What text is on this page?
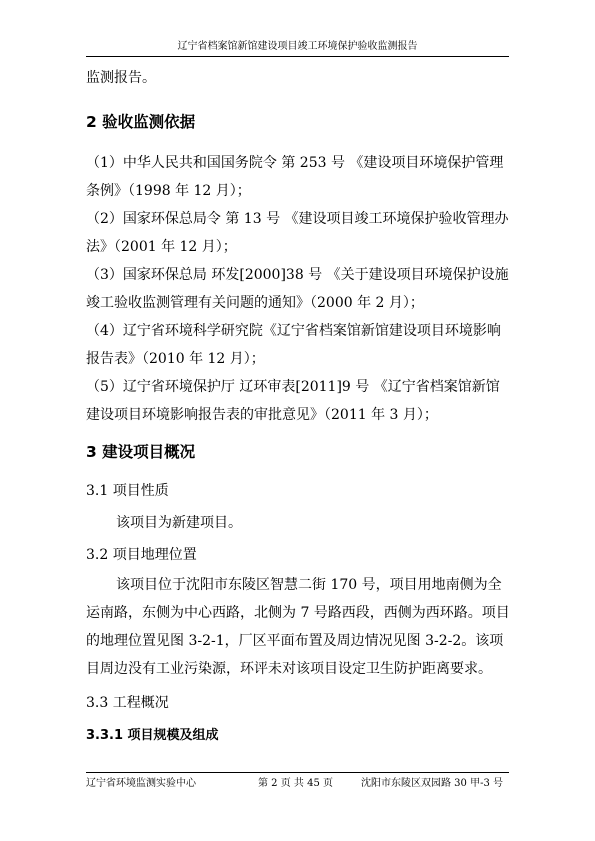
辽宁省档案馆新馆建设项目竣工环境保护验收监测报告

监测报告。

2 验收监测依据

（1）中华人民共和国国务院令 第 253 号 《建设项目环境保护管理条例》（1998 年 12 月）；

（2）国家环保总局令 第 13 号 《建设项目竣工环境保护验收管理办法》（2001 年 12 月）；

（3）国家环保总局 环发[2000]38 号 《关于建设项目环境保护设施竣工验收监测管理有关问题的通知》（2000 年 2 月）；

（4）辽宁省环境科学研究院《辽宁省档案馆新馆建设项目环境影响报告表》（2010 年 12 月）；

（5）辽宁省环境保护厅 辽环审表[2011]9 号 《辽宁省档案馆新馆建设项目环境影响报告表的审批意见》（2011 年 3 月）；

3 建设项目概况
3.1 项目性质

该项目为新建项目。

3.2 项目地理位置

该项目位于沈阳市东陵区智慧二街 170 号，项目用地南侧为全运南路，东侧为中心西路，北侧为 7 号路西段，西侧为西环路。项目的地理位置见图 3-2-1，厂区平面布置及周边情况见图 3-2-2。该项目周边没有工业污染源，环评未对该项目设定卫生防护距离要求。

3.3 工程概况
3.3.1 项目规模及组成
辽宁省环境监测实验中心	第 2 页 共 45 页	沈阳市东陵区双园路 30 甲-3 号
